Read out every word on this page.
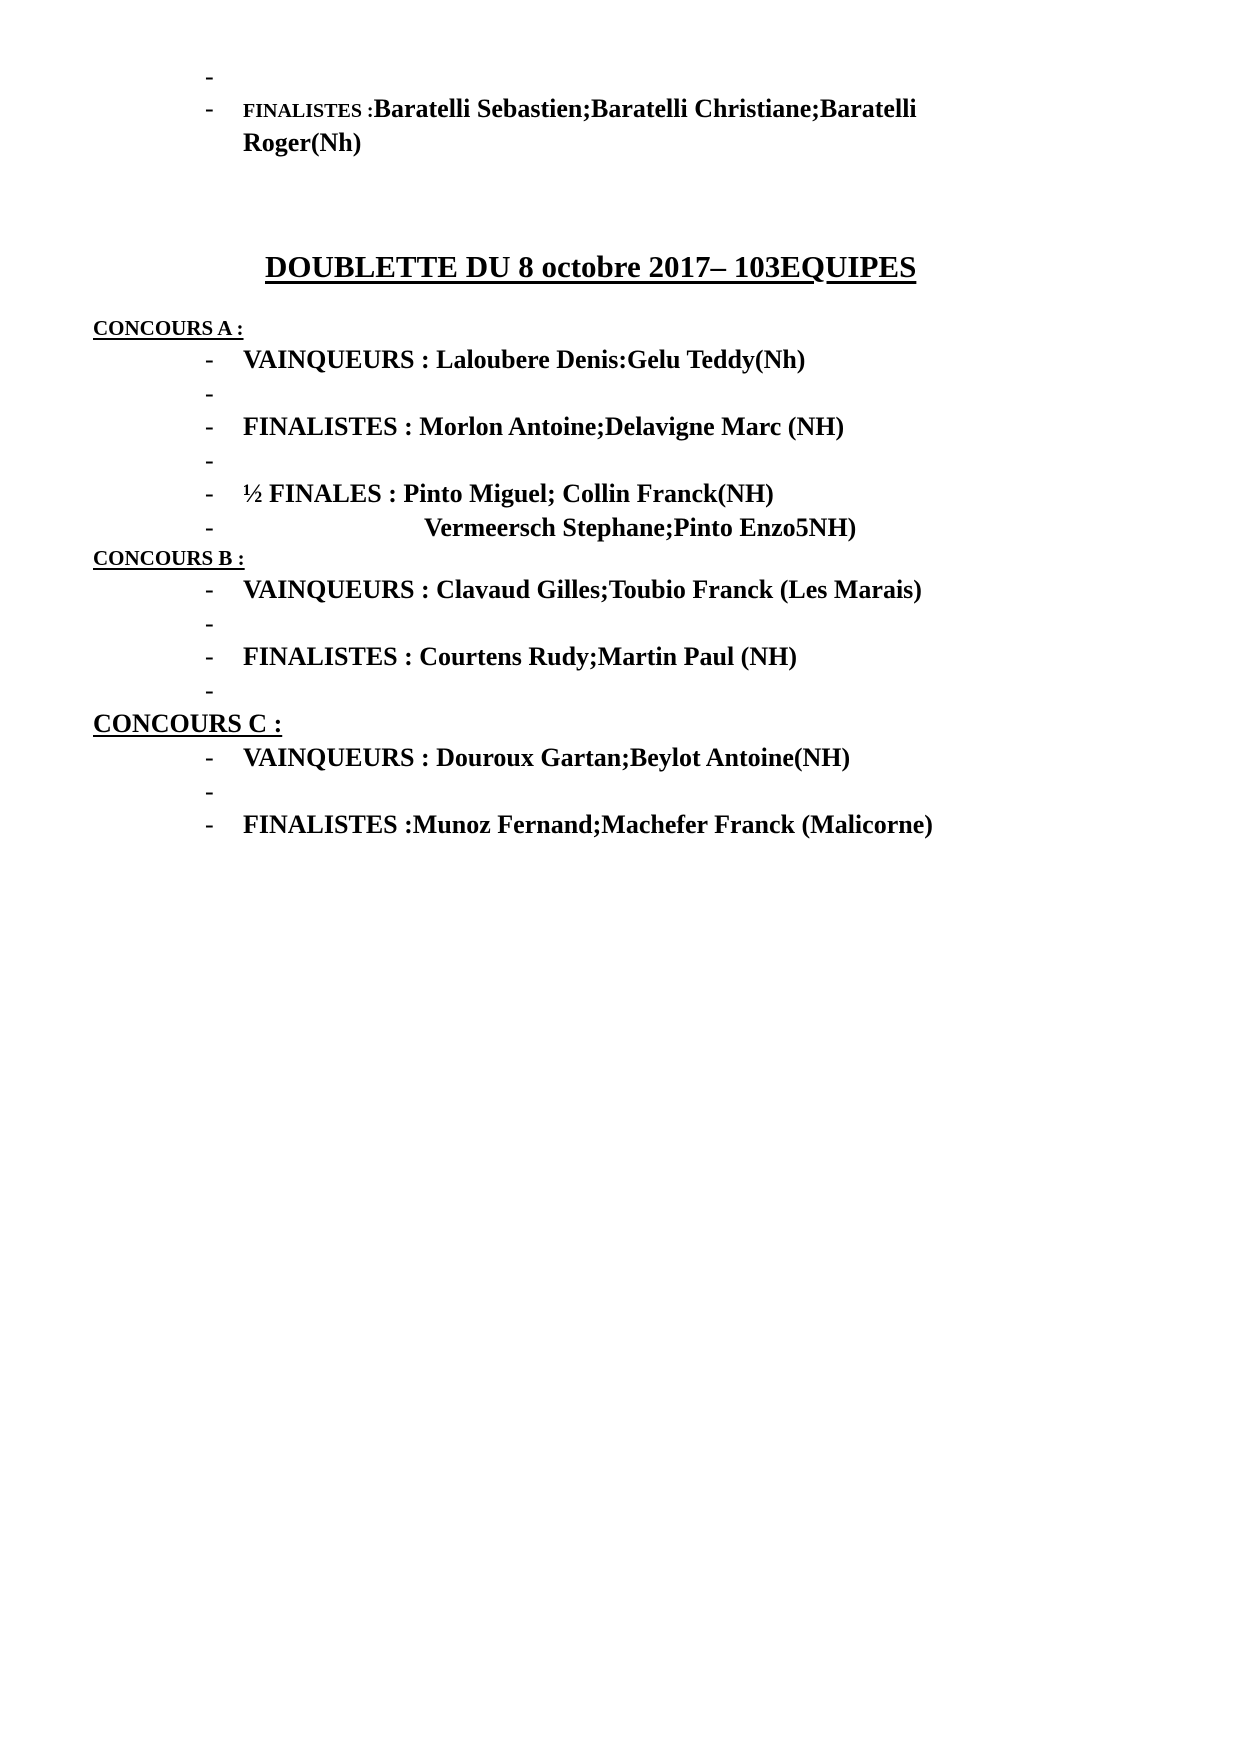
-
- FINALISTES :Baratelli Sebastien;Baratelli Christiane;Baratelli
Roger(Nh)
DOUBLETTE DU 8 octobre 2017– 103EQUIPES
CONCOURS A :
- VAINQUEURS : Laloubere Denis:Gelu Teddy(Nh)
-
- FINALISTES : Morlon Antoine;Delavigne Marc (NH)
-
- ½ FINALES : Pinto Miguel; Collin Franck(NH)
-	Vermeersch Stephane;Pinto Enzo5NH)
CONCOURS B :
- VAINQUEURS : Clavaud Gilles;Toubio Franck (Les Marais)
-
- FINALISTES : Courtens Rudy;Martin Paul (NH)
-
CONCOURS C :
- VAINQUEURS : Douroux Gartan;Beylot Antoine(NH)
-
- FINALISTES :Munoz Fernand;Machefer Franck (Malicorne)
